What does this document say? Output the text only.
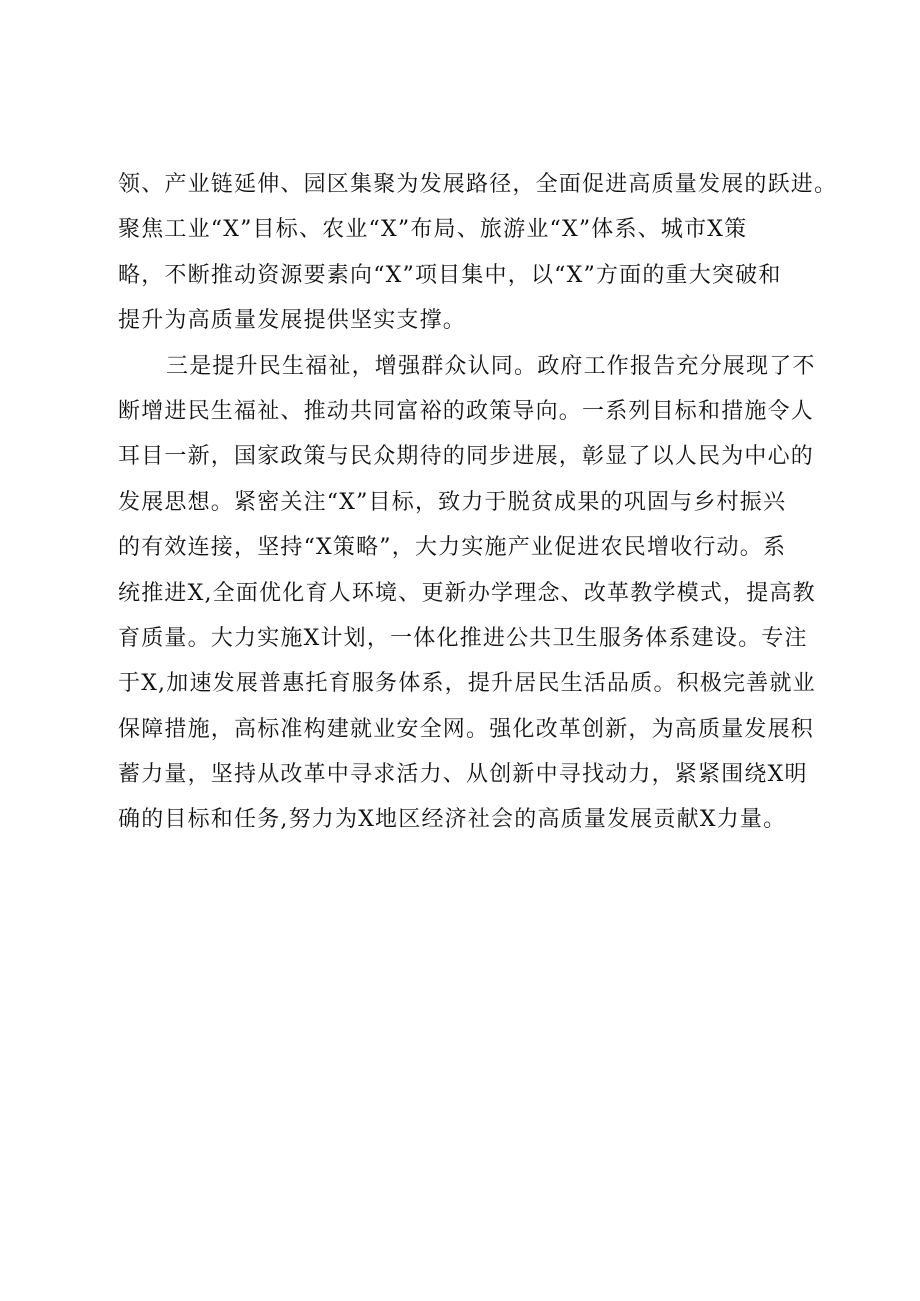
领、产业链延伸、园区集聚为发展路径，全面促进高质量发展的跃进。
聚焦工业“X”目标、农业“X”布局、旅游业“X”体系、城市X策
略，不断推动资源要素向“X”项目集中，以“X”方面的重大突破和
提升为高质量发展提供坚实支撑。
三是提升民生福祉，增强群众认同。政府工作报告充分展现了不
断增进民生福祉、推动共同富裕的政策导向。一系列目标和措施令人
耳目一新，国家政策与民众期待的同步进展，彰显了以人民为中心的
发展思想。紧密关注“X”目标，致力于脱贫成果的巩固与乡村振兴
的有效连接，坚持“X策略”，大力实施产业促进农民增收行动。系
统推进X,全面优化育人环境、更新办学理念、改革教学模式，提高教
育质量。大力实施X计划，一体化推进公共卫生服务体系建设。专注
于X,加速发展普惠托育服务体系，提升居民生活品质。积极完善就业
保障措施，高标准构建就业安全网。强化改革创新，为高质量发展积
蓄力量，坚持从改革中寻求活力、从创新中寻找动力，紧紧围绕X明
确的目标和任务,努力为X地区经济社会的高质量发展贡献X力量。
